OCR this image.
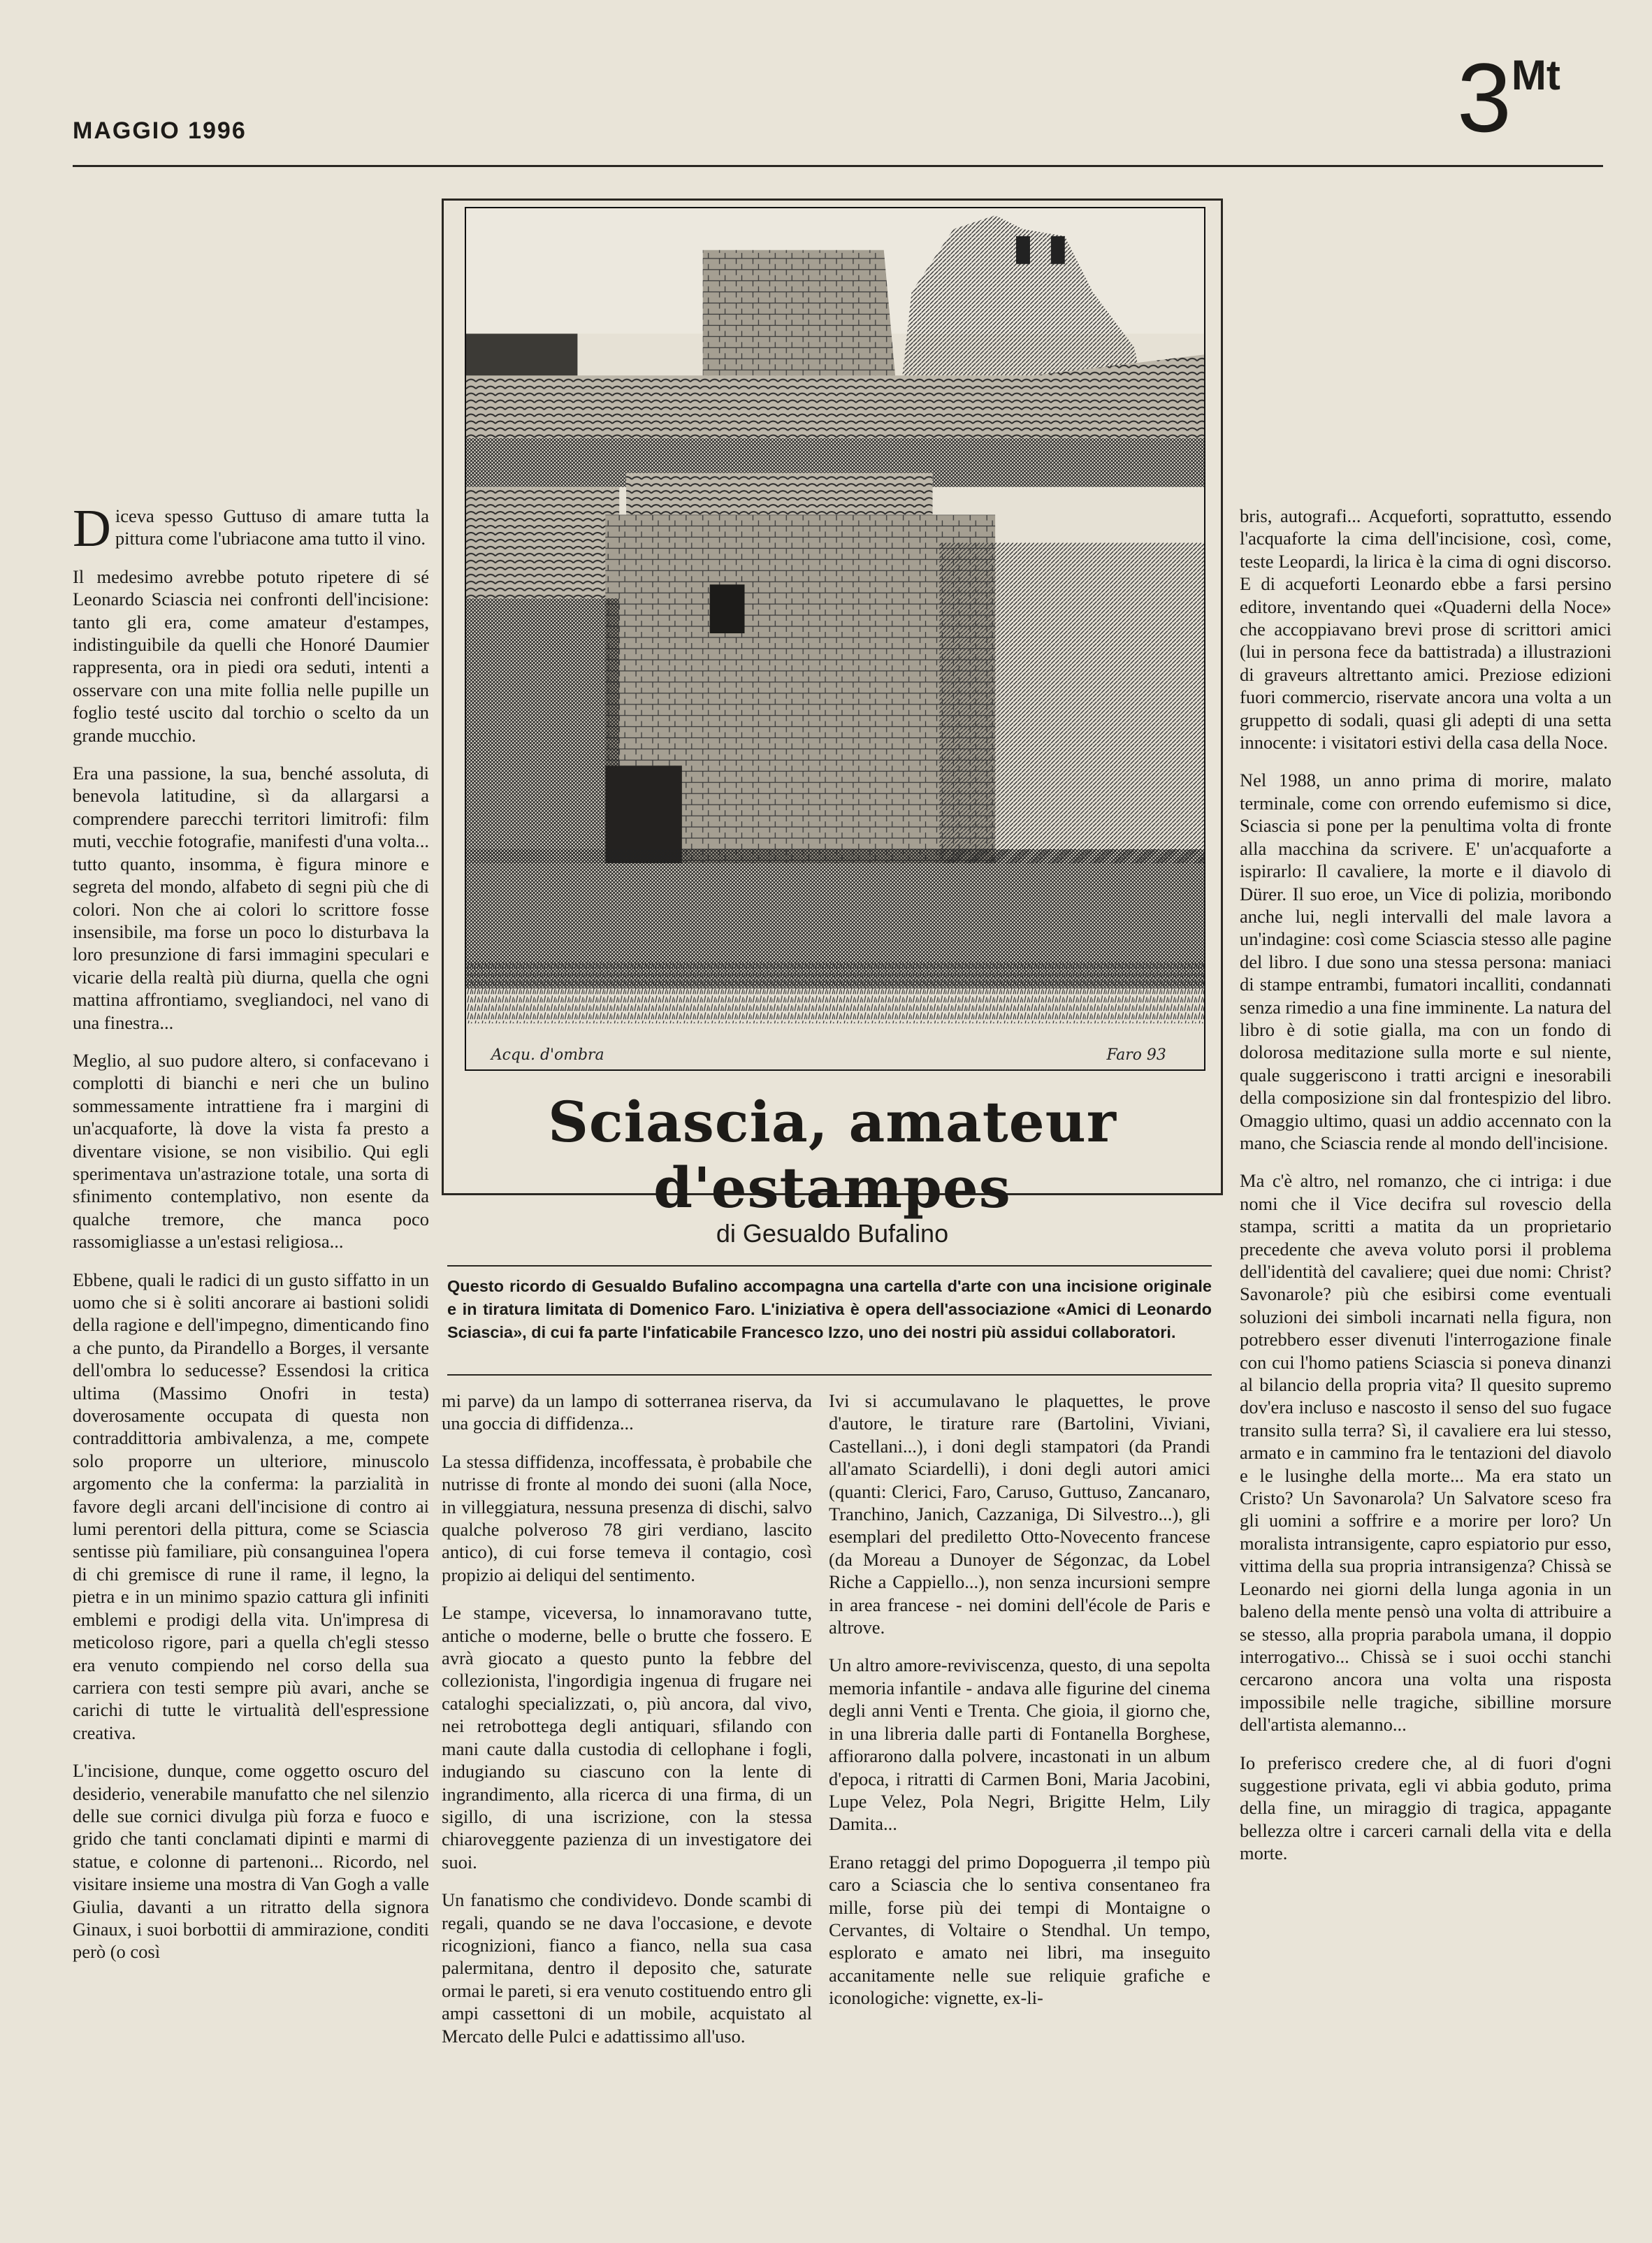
MAGGIO 1996	$3^{Mt}$

Diceva spesso Guttuso di amare tutta la pittura come l'ubriacone ama tutto il vino.

Il medesimo avrebbe potuto ripetere di sé Leonardo Sciascia nei confronti dell'incisione: tanto gli era, come amateur d'estampes, indistinguibile da quelli che Honoré Daumier rappresenta, ora in piedi ora seduti, intenti a osservare con una mite follia nelle pupille un foglio testé uscito dal torchio o scelto da un grande mucchio.

Era una passione, la sua, benché assoluta, di benevola latitudine, sì da allargarsi a comprendere parecchi territori limitrofi: film muti, vecchie fotografie, manifesti d'una volta... tutto quanto, insomma, è figura minore e segreta del mondo, alfabeto di segni più che di colori. Non che ai colori lo scrittore fosse insensibile, ma forse un poco lo disturbava la loro presunzione di farsi immagini speculari e vicarie della realtà più diurna, quella che ogni mattina affrontiamo, svegliandoci, nel vano di una finestra...

Meglio, al suo pudore altero, si confacevano i complotti di bianchi e neri che un bulino sommessamente intrattiene fra i margini di un'acquaforte, là dove la vista fa presto a diventare visione, se non visibilio. Qui egli sperimentava un'astrazione totale, una sorta di sfinimento contemplativo, non esente da qualche tremore, che manca poco rassomigliasse a un'estasi religiosa...

Ebbene, quali le radici di un gusto siffatto in un uomo che si è soliti ancorare ai bastioni solidi della ragione e dell'impegno, dimenticando fino a che punto, da Pirandello a Borges, il versante dell'ombra lo seducesse? Essendosi la critica ultima (Massimo Onofri in testa) doverosamente occupata di questa non contraddittoria ambivalenza, a me, compete solo proporre un ulteriore, minuscolo argomento che la confermа: la parzialità in favore degli arcani dell'incisione di contro ai lumi perentori della pittura, come se Sciascia sentisse più familiare, più consanguinea l'opera di chi gremisce di rune il rame, il legno, la pietra e in un minimo spazio cattura gli infiniti emblemi e prodigi della vita. Un'impresa di meticoloso rigore, pari a quella ch'egli stesso era venuto compiendo nel corso della sua carriera con testi sempre più avari, anche se carichi di tutte le virtualità dell'espressione creativa.

L'incisione, dunque, come oggetto oscuro del desiderio, venerabile manufatto che nel silenzio delle sue cornici divulga più forza e fuoco e grido che tanti conclamati dipinti e marmi di statue, e colonne di partenoni... Ricordo, nel visitare insieme una mostra di Van Gogh a valle Giulia, davanti a un ritratto della signora Ginaux, i suoi borbottii di ammirazione, conditi però (o così

Acqu. d'ombra	Faro 93
Sciascia, amateur d'estampes
di Gesualdo Bufalino
Questo ricordo di Gesualdo Bufalino accompagna una cartella d'arte con una incisione originale e in tiratura limitata di Domenico Faro. L'iniziativa è opera dell'associazione «Amici di Leonardo Sciascia», di cui fa parte l'infaticabile Francesco Izzo, uno dei nostri più assidui collaboratori.

mi parve) da un lampo di sotterranea riserva, da una goccia di diffidenza...

La stessa diffidenza, incoffessata, è probabile che nutrisse di fronte al mondo dei suoni (alla Noce, in villeggiatura, nessuna presenza di dischi, salvo qualche polveroso 78 giri verdiano, lascito antico), di cui forse temeva il contagio, così propizio ai deliqui del sentimento.

Le stampe, viceversa, lo innamoravano tutte, antiche o moderne, belle o brutte che fossero. E avrà giocato a questo punto la febbre del collezionista, l'ingordigia ingenua di frugare nei cataloghi specializzati, o, più ancora, dal vivo, nei retrobottega degli antiquari, sfilando con mani caute dalla custodia di cellophane i fogli, indugiando su ciascuno con la lente di ingrandimento, alla ricerca di una firma, di un sigillo, di una iscrizione, con la stessa chiaroveggente pazienza di un investigatore dei suoi.

Un fanatismo che condividevo. Donde scambi di regali, quando se ne dava l'occasione, e devote ricognizioni, fianco a fianco, nella sua casa palermitana, dentro il deposito che, saturate ormai le pareti, si era venuto costituendo entro gli ampi cassettoni di un mobile, acquistato al Mercato delle Pulci e adattissimo all'uso.

Ivi si accumulavano le plaquettes, le prove d'autore, le tirature rare (Bartolini, Viviani, Castellani...), i doni degli stampatori (da Prandi all'amato Sciardelli), i doni degli autori amici (quanti: Clerici, Faro, Caruso, Guttuso, Zancanaro, Tranchino, Janich, Cazzaniga, Di Silvestro...), gli esemplari del prediletto Otto-Novecento francese (da Moreau a Dunoyer de Ségonzac, da Lobel Riche a Cappiello...), non senza incursioni sempre in area francese - nei domini dell'école de Paris e altrove.

Un altro amore-reviviscenza, questo, di una sepolta memoria infantile - andava alle figurine del cinema degli anni Venti e Trenta. Che gioia, il giorno che, in una libreria dalle parti di Fontanella Borghese, affiorarono dalla polvere, incastonati in un album d'epoca, i ritratti di Carmen Boni, Maria Jacobini, Lupe Velez, Pola Negri, Brigitte Helm, Lily Damita...

Erano retaggi del primo Dopoguerra ,il tempo più caro a Sciascia che lo sentiva consentaneo fra mille, forse più dei tempi di Montaigne o Cervantes, di Voltaire o Stendhal. Un tempo, esplorato e amato nei libri, ma inseguito accanitamente nelle sue reliquie grafiche e iconologiche: vignette, ex-li-

bris, autografi... Acqueforti, soprattutto, essendo l'acquaforte la cima dell'incisione, così, come, teste Leopardi, la lirica è la cima di ogni discorso. E di acqueforti Leonardo ebbe a farsi persino editore, inventando quei «Quaderni della Noce» che accoppiavano brevi prose di scrittori amici (lui in persona fece da battistrada) a illustrazioni di graveurs altrettanto amici. Preziose edizioni fuori commercio, riservate ancora una volta a un gruppetto di sodali, quasi gli adepti di una setta innocente: i visitatori estivi della casa della Noce.

Nel 1988, un anno prima di morire, malato terminale, come con orrendo eufemismo si dice, Sciascia si pone per la penultima volta di fronte alla macchina da scrivere. E' un'acquaforte a ispirarlo: Il cavaliere, la morte e il diavolo di Dürer. Il suo eroe, un Vice di polizia, moribondo anche lui, negli intervalli del male lavora a un'indagine: così come Sciascia stesso alle pagine del libro. I due sono una stessa persona: maniaci di stampe entrambi, fumatori incalliti, condannati senza rimedio a una fine imminente. La natura del libro è di sotie gialla, ma con un fondo di dolorosa meditazione sulla morte e sul niente, quale suggeriscono i tratti arcigni e inesorabili della composizione sin dal frontespizio del libro. Omaggio ultimo, quasi un addio accennato con la mano, che Sciascia rende al mondo dell'incisione.

Ma c'è altro, nel romanzo, che ci intriga: i due nomi che il Vice decifra sul rovescio della stampa, scritti a matita da un proprietario precedente che aveva voluto porsi il problema dell'identità del cavaliere; quei due nomi: Christ? Savonarole? più che esibirsi come eventuali soluzioni dei simboli incarnati nella figura, non potrebbero esser divenuti l'interrogazione finale con cui l'homo patiens Sciascia si poneva dinanzi al bilancio della propria vita? Il quesito supremo dov'era incluso e nascosto il senso del suo fugace transito sulla terra? Sì, il cavaliere era lui stesso, armato e in cammino fra le tentazioni del diavolo e le lusinghe della morte... Ma era stato un Cristo? Un Savonarola? Un Salvatore sceso fra gli uomini a soffrire e a morire per loro? Un moralista intransigente, capro espiatorio pur esso, vittima della sua propria intransigenza? Chissà se Leonardo nei giorni della lunga agonia in un baleno della mente pensò una volta di attribuire a se stesso, alla propria parabola umana, il doppio interrogativo... Chissà se i suoi occhi stanchi cercarono ancora una volta una risposta impossibile nelle tragiche, sibilline morsure dell'artista alemanno...

Io preferisco credere che, al di fuori d'ogni suggestione privata, egli vi abbia goduto, prima della fine, un miraggio di tragica, appagante bellezza oltre i carceri carnali della vita e della morte.
